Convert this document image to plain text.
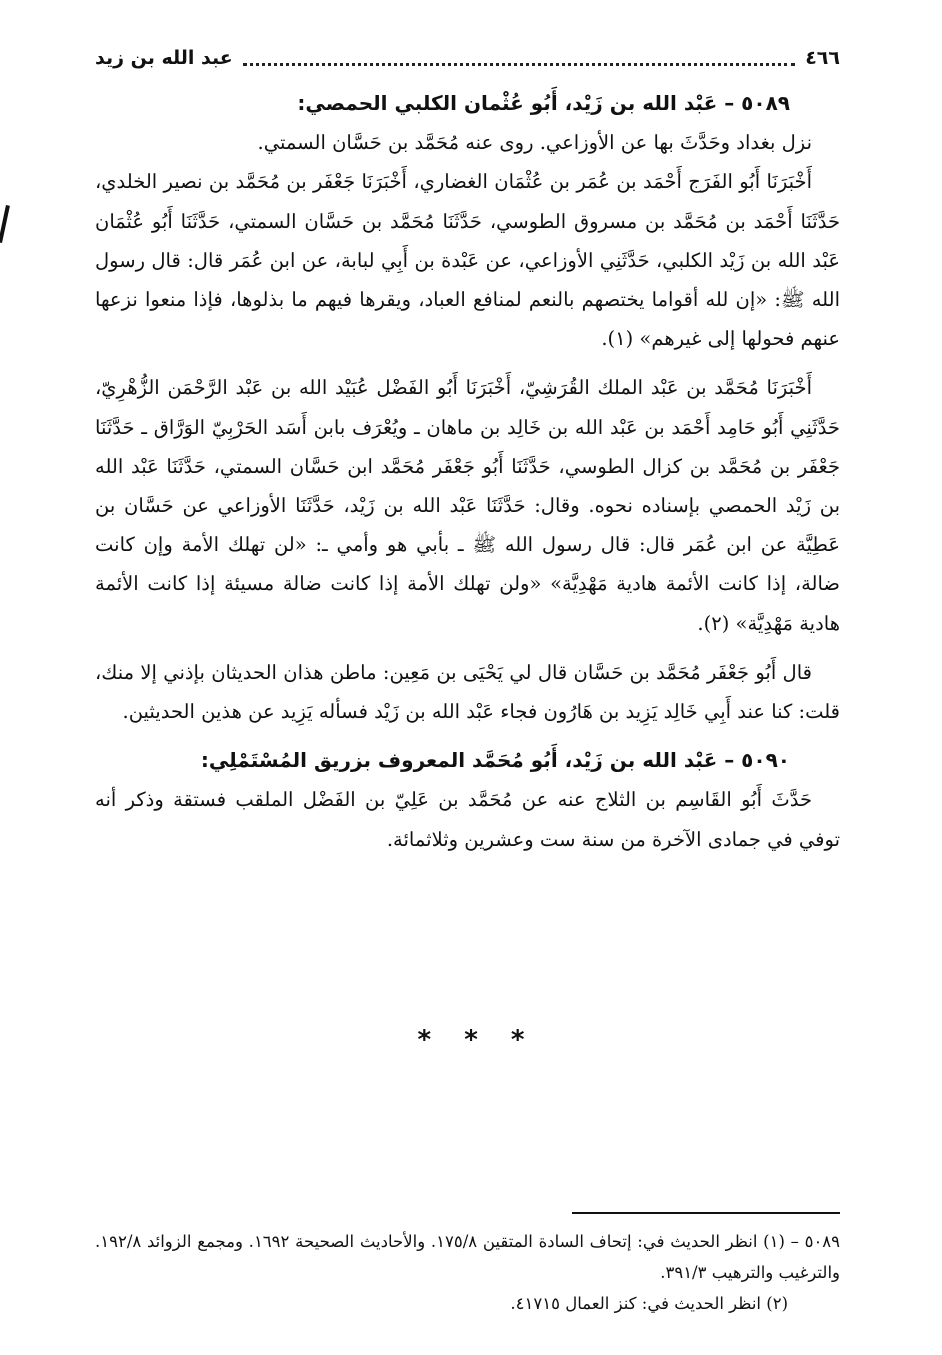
٤٦٦
عبد الله بن زيد

٥٠٨٩ – عَبْد الله بن زَيْد، أَبُو عُثْمان الكلبي الحمصي:

نزل بغداد وحَدَّثَ بها عن الأوزاعي. روى عنه مُحَمَّد بن حَسَّان السمتي.

أَخْبَرَنَا أَبُو الفَرَج أَحْمَد بن عُمَر بن عُثْمَان الغضاري، أَخْبَرَنَا جَعْفَر بن مُحَمَّد بن نصير الخلدي، حَدَّثَنَا أَحْمَد بن مُحَمَّد بن مسروق الطوسي، حَدَّثَنَا مُحَمَّد بن حَسَّان السمتي، حَدَّثَنَا أَبُو عُثْمَان عَبْد الله بن زَيْد الكلبي، حَدَّثَنِي الأوزاعي، عن عَبْدة بن أَبِي لبابة، عن ابن عُمَر قال: قال رسول الله ﷺ: «إن لله أقواما يختصهم بالنعم لمنافع العباد، ويقرها فيهم ما بذلوها، فإذا منعوا نزعها عنهم فحولها إلى غيرهم» (١).

أَخْبَرَنَا مُحَمَّد بن عَبْد الملك القُرَشِيّ، أَخْبَرَنَا أَبُو الفَضْل عُبَيْد الله بن عَبْد الرَّحْمَن الزُّهْرِيّ، حَدَّثَنِي أَبُو حَامِد أَحْمَد بن عَبْد الله بن خَالِد بن ماهان ـ ويُعْرَف بابن أَسَد الحَرْبِيّ الوَرَّاق ـ حَدَّثَنَا جَعْفَر بن مُحَمَّد بن كزال الطوسي، حَدَّثَنَا أَبُو جَعْفَر مُحَمَّد ابن حَسَّان السمتي، حَدَّثَنَا عَبْد الله بن زَيْد الحمصي بإسناده نحوه. وقال: حَدَّثَنَا عَبْد الله بن زَيْد، حَدَّثَنَا الأوزاعي عن حَسَّان بن عَطِيَّة عن ابن عُمَر قال: قال رسول الله ﷺ ـ بأبي هو وأمي ـ: «لن تهلك الأمة وإن كانت ضالة، إذا كانت الأئمة هادية مَهْدِيَّة» «ولن تهلك الأمة إذا كانت ضالة مسيئة إذا كانت الأئمة هادية مَهْدِيَّة» (٢).

قال أَبُو جَعْفَر مُحَمَّد بن حَسَّان قال لي يَحْيَى بن مَعِين: ماطن هذان الحديثان بإذني إلا منك، قلت: كنا عند أَبِي خَالِد يَزِيد بن هَارُون فجاء عَبْد الله بن زَيْد فسأله يَزِيد عن هذين الحديثين.

٥٠٩٠ – عَبْد الله بن زَيْد، أَبُو مُحَمَّد المعروف بزريق المُسْتَمْلِي:

حَدَّثَ أَبُو القَاسِم بن الثلاج عنه عن مُحَمَّد بن عَلِيّ بن الفَضْل الملقب فستقة وذكر أنه توفي في جمادى الآخرة من سنة ست وعشرين وثلاثمائة.

* * *

٥٠٨٩ – (١) انظر الحديث في: إتحاف السادة المتقين ١٧٥/٨. والأحاديث الصحيحة ١٦٩٢. ومجمع الزوائد ١٩٢/٨. والترغيب والترهيب ٣٩١/٣.

(٢) انظر الحديث في: كنز العمال ٤١٧١٥.
